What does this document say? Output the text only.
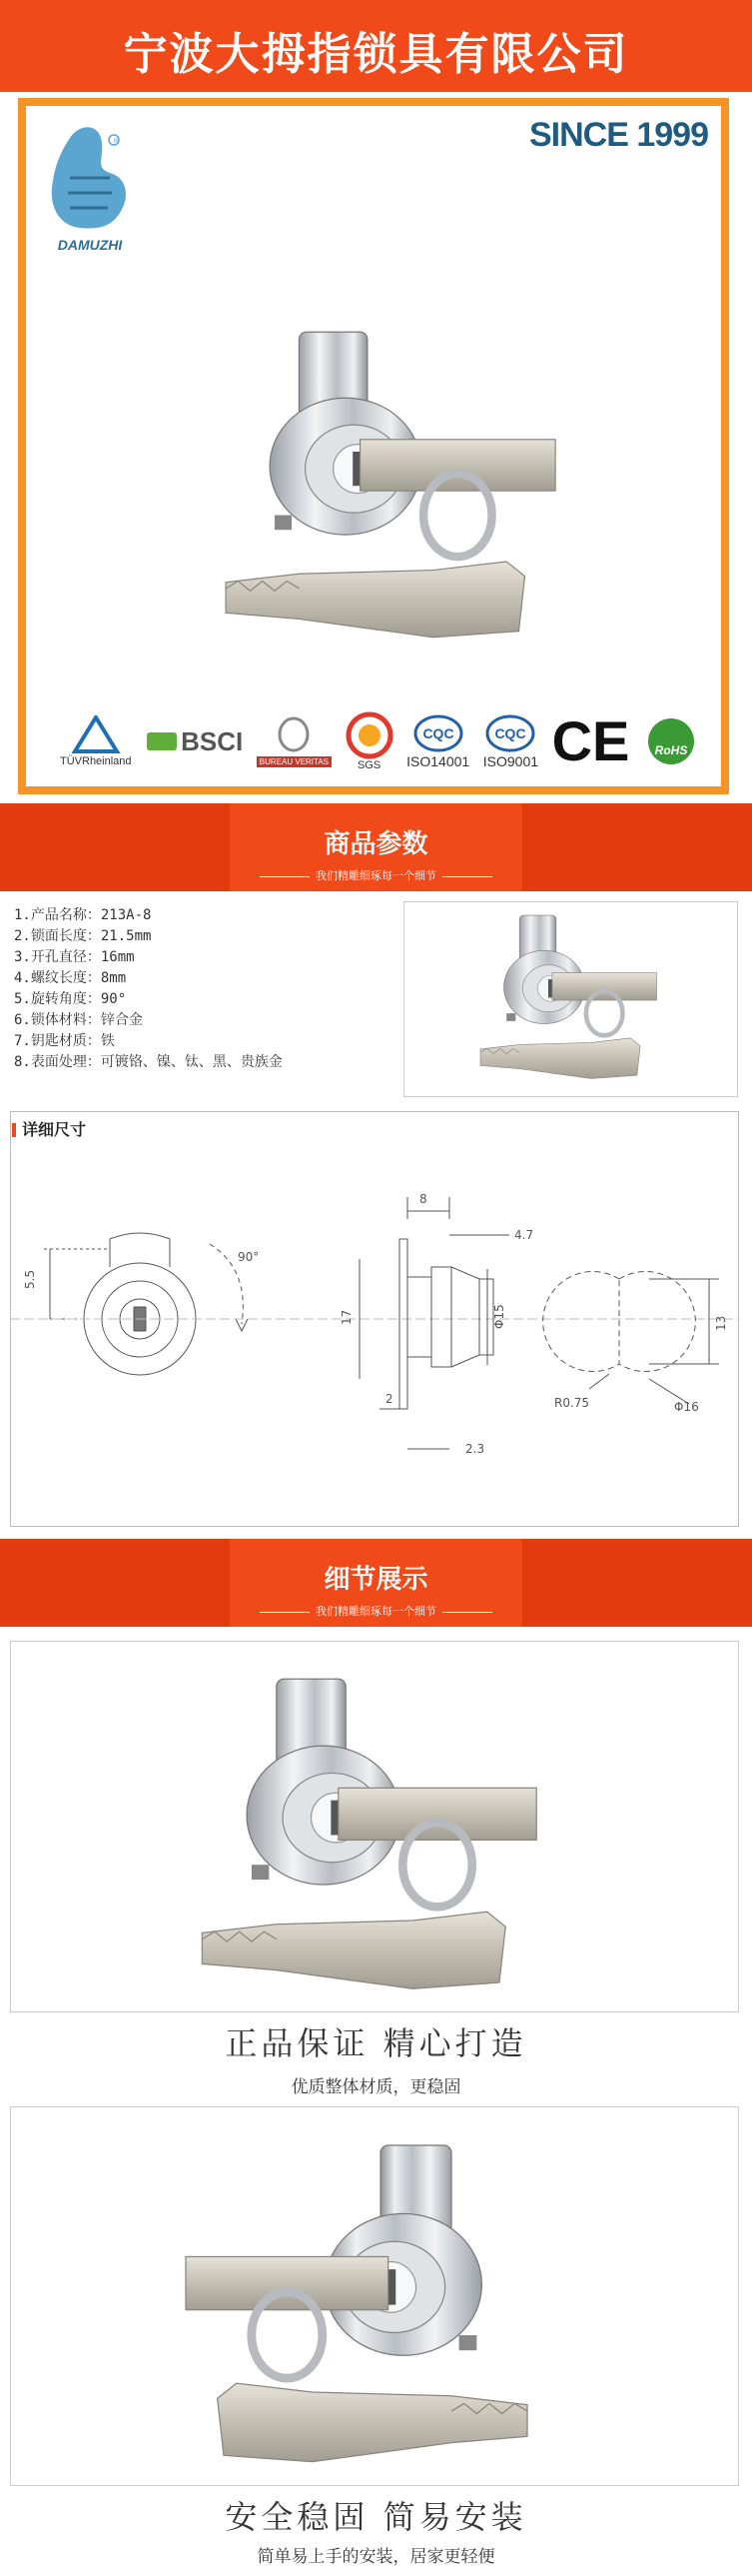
宁波大拇指锁具有限公司
R
DAMUZHI
SINCE 1999
TÜVRheinland
BSCI
BUREAU VERITAS	SGS
CQC
ISO14001
CQC
ISO9001 CE RoHS
商品参数
我们精雕细琢每一个细节
1.产品名称：213A-8
2.锁面长度：21.5mm
3.开孔直径：16mm
4.螺纹长度：8mm
5.旋转角度：90°
6.锁体材料：锌合金
7.钥匙材质：铁
8.表面处理：可镀铬、镍、钛、黑、贵族金
详细尺寸
5.5
90°
8
4.7
17	Φ15
2
2.3
13
R0.75	Φ16
细节展示
我们精雕细琢每一个细节
正品保证 精心打造
优质整体材质，更稳固
安全稳固 简易安装
简单易上手的安装，居家更轻便
